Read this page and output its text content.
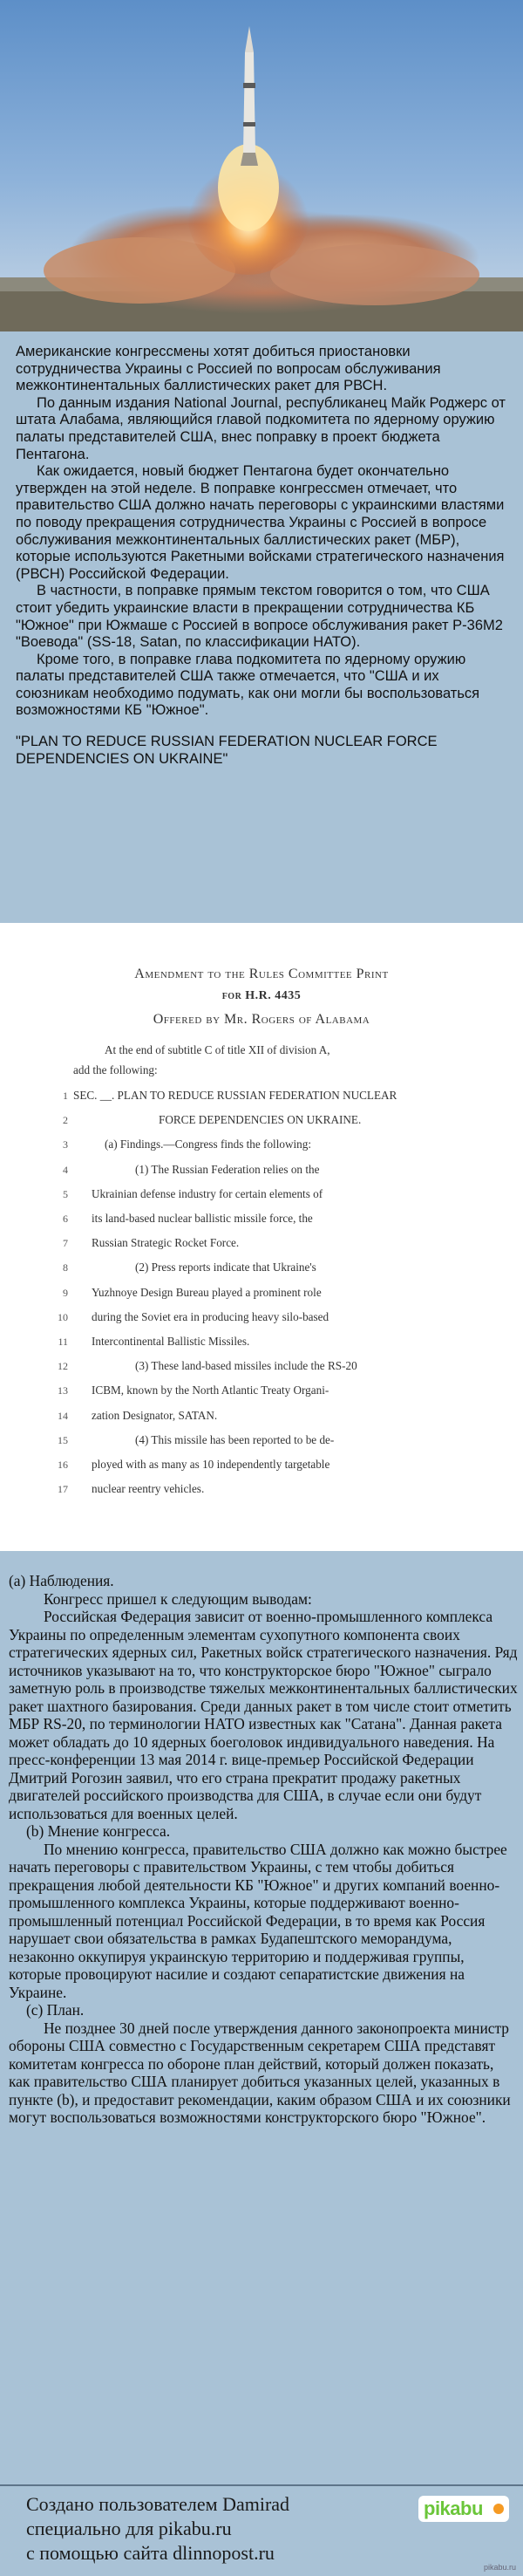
Американские конгрессмены хотят добиться приостановки сотрудничества Украины с Россией по вопросам обслуживания межконтинентальных баллистических ракет для РВСН.

По данным издания National Journal, республиканец Майк Роджерс от штата Алабама, являющийся главой подкомитета по ядерному оружию палаты представителей США, внес поправку в проект бюджета Пентагона.

Как ожидается, новый бюджет Пентагона будет окончательно утвержден на этой неделе. В поправке конгрессмен отмечает, что правительство США должно начать переговоры с украинскими властями по поводу прекращения сотрудничества Украины с Россией в вопросе обслуживания межконтинентальных баллистических ракет (МБР), которые используются Ракетными войсками стратегического назначения (РВСН) Российской Федерации.

В частности, в поправке прямым текстом говорится о том, что США стоит убедить украинские власти в прекращении сотрудничества КБ "Южное" при Южмаше с Россией в вопросе обслуживания ракет Р-36М2 "Воевода" (SS-18, Satan, по классификации НАТО).

Кроме того, в поправке глава подкомитета по ядерному оружию палаты представителей США также отмечается, что "США и их союзникам необходимо подумать, как они могли бы воспользоваться возможностями КБ "Южное".

"PLAN TO REDUCE RUSSIAN FEDERATION NUCLEAR FORCE DEPENDENCIES ON UKRAINE"

Amendment to the Rules Committee Print
for H.R. 4435
Offered by Mr. Rogers of Alabama
At the end of subtitle C of title XII of division A,
add the following:
1 SEC. __. PLAN TO REDUCE RUSSIAN FEDERATION NUCLEAR
2	FORCE DEPENDENCIES ON UKRAINE.
3	(a) Findings.—Congress finds the following:
4	(1) The Russian Federation relies on the
5 Ukrainian defense industry for certain elements of
6 its land-based nuclear ballistic missile force, the
7 Russian Strategic Rocket Force.
8	(2) Press reports indicate that Ukraine's
9 Yuzhnoye Design Bureau played a prominent role
10 during the Soviet era in producing heavy silo-based
11 Intercontinental Ballistic Missiles.
12	(3) These land-based missiles include the RS-20
13 ICBM, known by the North Atlantic Treaty Organi-
14 zation Designator, SATAN.
15	(4) This missile has been reported to be de-
16 ployed with as many as 10 independently targetable
17 nuclear reentry vehicles.

(а) Наблюдения.

Конгресс пришел к следующим выводам:

Российская Федерация зависит от военно-промышленного комплекса Украины по определенным элементам сухопутного компонента своих стратегических ядерных сил, Ракетных войск стратегического назначения. Ряд источников указывают на то, что конструкторское бюро "Южное" сыграло заметную роль в производстве тяжелых межконтинентальных баллистических ракет шахтного базирования. Среди данных ракет в том числе стоит отметить МБР RS-20, по терминологии НАТО известных как "Сатана". Данная ракета может обладать до 10 ядерных боеголовок индивидуального наведения. На пресс-конференции 13 мая 2014 г. вице-премьер Российской Федерации Дмитрий Рогозин заявил, что его страна прекратит продажу ракетных двигателей российского производства для США, в случае если они будут использоваться для военных целей.

(b) Мнение конгресса.

По мнению конгресса, правительство США должно как можно быстрее начать переговоры с правительством Украины, с тем чтобы добиться прекращения любой деятельности КБ "Южное" и других компаний военно-промышленного комплекса Украины, которые поддерживают военно-промышленный потенциал Российской Федерации, в то время как Россия нарушает свои обязательства в рамках Будапештского меморандума, незаконно оккупируя украинскую территорию и поддерживая группы, которые провоцируют насилие и создают сепаратистские движения на Украине.

(с) План.

Не позднее 30 дней после утверждения данного законопроекта министр обороны США совместно с Государственным секретарем США представят комитетам конгресса по обороне план действий, который должен показать, как правительство США планирует добиться указанных целей, указанных в пункте (b), и предоставит рекомендации, каким образом США и их союзники могут воспользоваться возможностями конструкторского бюро "Южное".

Создано пользователем Damirad
специально для pikabu.ru
с помощью сайта dlinnopost.ru
pikabu
pikabu.ru
